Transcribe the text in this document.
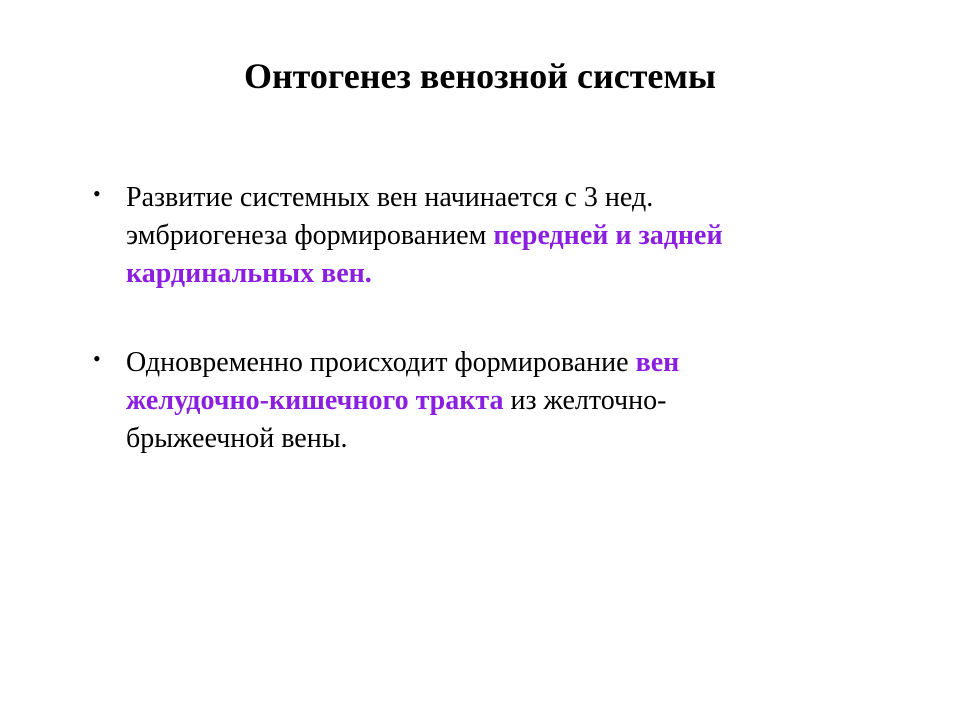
Онтогенез венозной системы
• Развитие системных вен начинается с 3 нед.
эмбриогенеза формированием передней и задней
кардинальных вен.
• Одновременно происходит формирование вен
желудочно-кишечного тракта из желточно-
брыжеечной вены.
